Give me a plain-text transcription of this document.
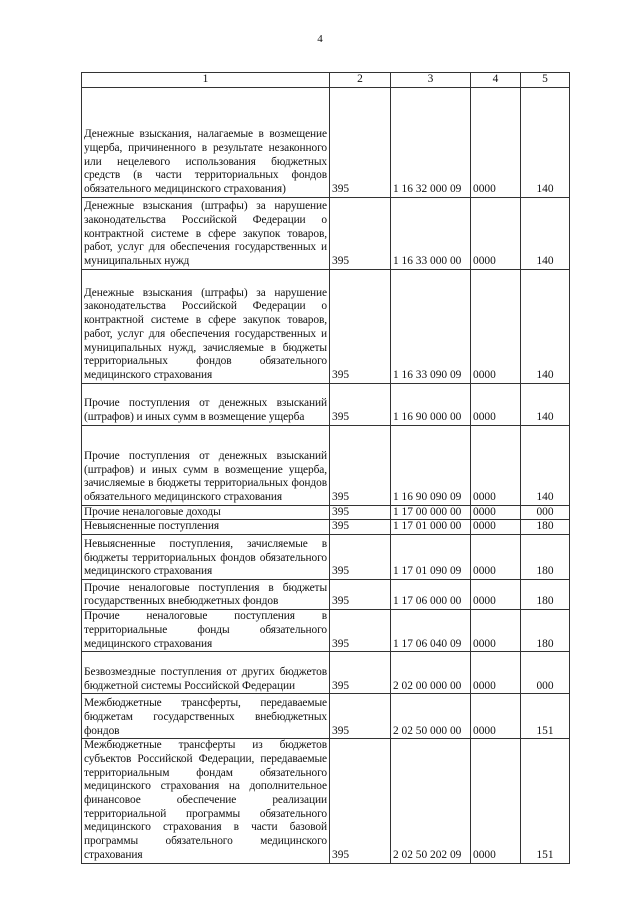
4
1	2	3	4	5
Денежные взыскания, налагаемые в возмещение ущерба, причиненного в результате незаконного или нецелевого использования бюджетных средств (в части территориальных фондов обязательного медицинского страхования)	395	1 16 32 000 09	0000	140
Денежные взыскания (штрафы) за нарушение законодательства Российской Федерации о контрактной системе в сфере закупок товаров, работ, услуг для обеспечения государственных и муниципальных нужд	395	1 16 33 000 00	0000	140
Денежные взыскания (штрафы) за нарушение законодательства Российской Федерации о контрактной системе в сфере закупок товаров, работ, услуг для обеспечения государственных и муниципальных нужд, зачисляемые в бюджеты территориальных фондов обязательного медицинского страхования	395	1 16 33 090 09	0000	140
Прочие поступления от денежных взысканий (штрафов) и иных сумм в возмещение ущерба	395	1 16 90 000 00	0000	140
Прочие поступления от денежных взысканий (штрафов) и иных сумм в возмещение ущерба, зачисляемые в бюджеты территориальных фондов обязательного медицинского страхования	395	1 16 90 090 09	0000	140
Прочие неналоговые доходы	395	1 17 00 000 00	0000	000
Невыясненные поступления	395	1 17 01 000 00	0000	180
Невыясненные поступления, зачисляемые в бюджеты территориальных фондов обязательного медицинского страхования	395	1 17 01 090 09	0000	180
Прочие неналоговые поступления в бюджеты государственных внебюджетных фондов	395	1 17 06 000 00	0000	180
Прочие неналоговые поступления в территориальные фонды обязательного медицинского страхования	395	1 17 06 040 09	0000	180
Безвозмездные поступления от других бюджетов бюджетной системы Российской Федерации	395	2 02 00 000 00	0000	000
Межбюджетные трансферты, передаваемые бюджетам государственных внебюджетных фондов	395	2 02 50 000 00	0000	151
Межбюджетные трансферты из бюджетов субъектов Российской Федерации, передаваемые территориальным фондам обязательного медицинского страхования на дополнительное финансовое обеспечение реализации территориальной программы обязательного медицинского страхования в части базовой программы обязательного медицинского страхования	395	2 02 50 202 09	0000	151
